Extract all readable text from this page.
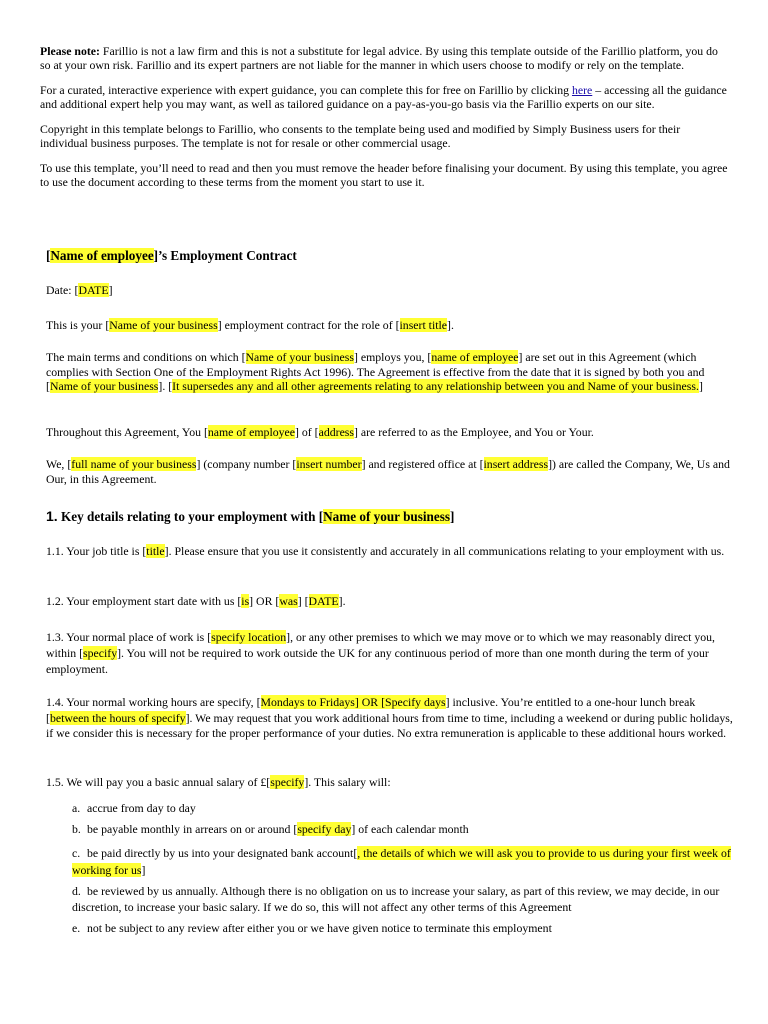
Please note: Farillio is not a law firm and this is not a substitute for legal advice. By using this template outside of the Farillio platform, you do so at your own risk. Farillio and its expert partners are not liable for the manner in which users choose to modify or rely on the template.

For a curated, interactive experience with expert guidance, you can complete this for free on Farillio by clicking here – accessing all the guidance and additional expert help you may want, as well as tailored guidance on a pay-as-you-go basis via the Farillio experts on our site.

Copyright in this template belongs to Farillio, who consents to the template being used and modified by Simply Business users for their individual business purposes. The template is not for resale or other commercial usage.

To use this template, you’ll need to read and then you must remove the header before finalising your document. By using this template, you agree to use the document according to these terms from the moment you start to use it.

[Name of employee]’s Employment Contract
Date: [DATE]
This is your [Name of your business] employment contract for the role of [insert title].
The main terms and conditions on which [Name of your business] employs you, [name of employee] are set out in this Agreement (which complies with Section One of the Employment Rights Act 1996). The Agreement is effective from the date that it is signed by both you and [Name of your business]. [It supersedes any and all other agreements relating to any relationship between you and Name of your business.]
Throughout this Agreement, You [name of employee] of [address] are referred to as the Employee, and You or Your.
We, [full name of your business] (company number [insert number] and registered office at [insert address]) are called the Company, We, Us and Our, in this Agreement.
1. Key details relating to your employment with [Name of your business]
1.1. Your job title is [title]. Please ensure that you use it consistently and accurately in all communications relating to your employment with us.
1.2. Your employment start date with us [is] OR [was] [DATE].
1.3. Your normal place of work is [specify location], or any other premises to which we may move or to which we may reasonably direct you, within [specify]. You will not be required to work outside the UK for any continuous period of more than one month during the term of your employment.
1.4. Your normal working hours are specify, [Mondays to Fridays] OR [Specify days] inclusive. You’re entitled to a one-hour lunch break [between the hours of specify]. We may request that you work additional hours from time to time, including a weekend or during public holidays, if we consider this is necessary for the proper performance of your duties. No extra remuneration is applicable to these additional hours worked.
1.5. We will pay you a basic annual salary of £[specify]. This salary will:
a. accrue from day to day
b. be payable monthly in arrears on or around [specify day] of each calendar month
c. be paid directly by us into your designated bank account[, the details of which we will ask you to provide to us during your first week of working for us]
d. be reviewed by us annually. Although there is no obligation on us to increase your salary, as part of this review, we may decide, in our discretion, to increase your basic salary. If we do so, this will not affect any other terms of this Agreement
e. not be subject to any review after either you or we have given notice to terminate this employment
